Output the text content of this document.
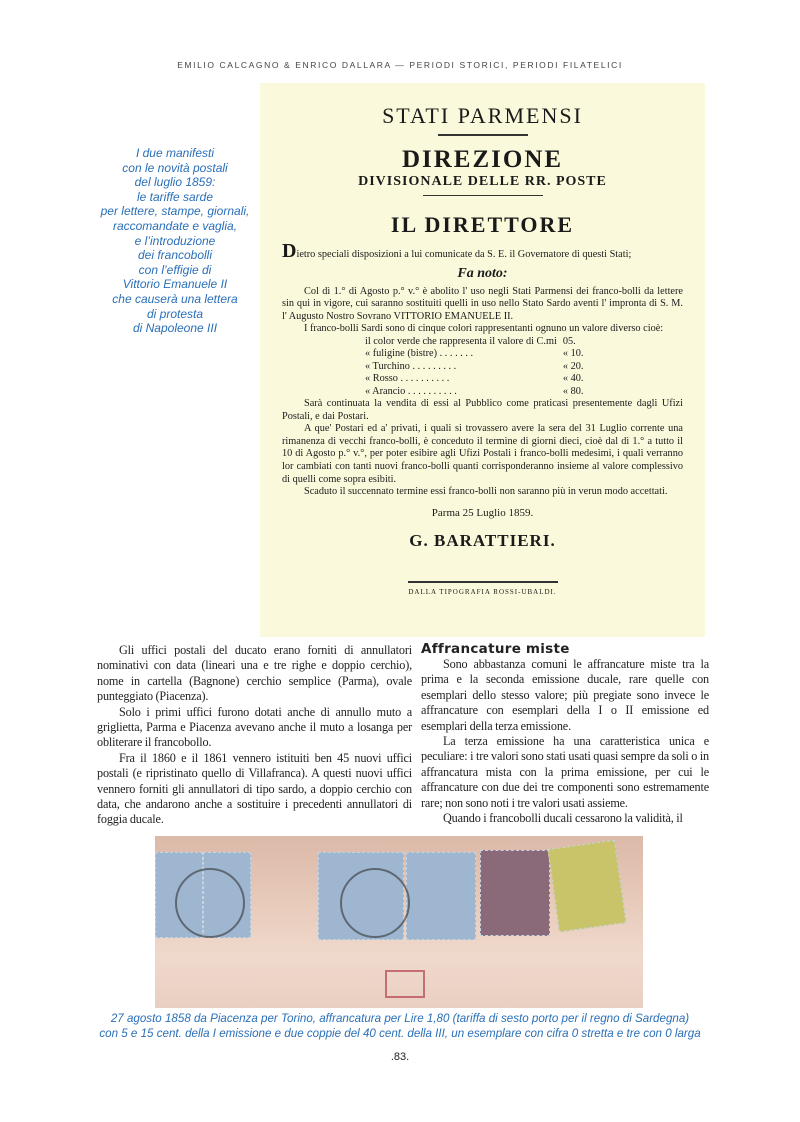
EMILIO CALCAGNO & ENRICO DALLARA — PERIODI STORICI, PERIODI FILATELICI
I due manifesti
con le novità postali
del luglio 1859:
le tariffe sarde
per lettere, stampe, giornali,
raccomandate e vaglia,
e l’introduzione
dei francobolli
con l’effigie di
Vittorio Emanuele II
che causerà una lettera
di protesta
di Napoleone III
STATI PARMENSI
DIREZIONE
DIVISIONALE DELLE RR. POSTE
IL DIRETTORE
Dietro speciali disposizioni a lui comunicate da S. E. il Governatore di questi Stati;
Fa noto:
Col dì 1.° di Agosto p.° v.° è abolito l' uso negli Stati Parmensi dei franco-bolli da lettere sin qui in vigore, cui saranno sostituiti quelli in uso nello Stato Sardo aventi l' impronta di S. M. l' Augusto Nostro Sovrano VITTORIO EMANUELE II.
I franco-bolli Sardi sono di cinque colori rappresentanti ognuno un valore diverso cioè:
il color verde che rappresenta il valore di C.mi	05.
« fuligine (bistre) . . . . . . .	« 10.
« Turchino . . . . . . . . .	« 20.
« Rosso . . . . . . . . . .	« 40.
« Arancio . . . . . . . . . .	« 80.
Sarà continuata la vendita di essi al Pubblico come praticasi presentemente dagli Ufizi Postali, e dai Postari.
A que' Postari ed a' privati, i quali si trovassero avere la sera del 31 Luglio corrente una rimanenza di vecchi franco-bolli, è conceduto il termine di giorni dieci, cioè dal dì 1.° a tutto il 10 di Agosto p.° v.°, per poter esibire agli Ufizi Postali i franco-bolli medesimi, i quali verranno lor cambiati con tanti nuovi franco-bolli quanti corrisponderanno insieme al valore complessivo di quelli come sopra esibiti.
Scaduto il succennato termine essi franco-bolli non saranno più in verun modo accettati.
Parma 25 Luglio 1859.
G. BARATTIERI.
DALLA TIPOGRAFIA ROSSI-UBALDI.

Gli uffici postali del ducato erano forniti di annullatori nominativi con data (lineari una e tre righe e doppio cerchio), nome in cartella (Bagnone) cerchio semplice (Parma), ovale punteggiato (Piacenza).

Solo i primi uffici furono dotati anche di annullo muto a griglietta, Parma e Piacenza avevano anche il muto a losanga per obliterare il francobollo.

Fra il 1860 e il 1861 vennero istituiti ben 45 nuovi uffici postali (e ripristinato quello di Villafranca). A questi nuovi uffici vennero forniti gli annullatori di tipo sardo, a doppio cerchio con data, che andarono anche a sostituire i precedenti annullatori di foggia ducale.

Affrancature miste

Sono abbastanza comuni le affrancature miste tra la prima e la seconda emissione ducale, rare quelle con esemplari dello stesso valore; più pregiate sono invece le affrancature con esemplari della I o II emissione ed esemplari della terza emissione.

La terza emissione ha una caratteristica unica e peculiare: i tre valori sono stati usati quasi sempre da soli o in affrancatura mista con la prima emissione, per cui le affrancature con due dei tre componenti sono estremamente rare; non sono noti i tre valori usati assieme.

Quando i francobolli ducali cessarono la validità, il

27 agosto 1858 da Piacenza per Torino, affrancatura per Lire 1,80 (tariffa di sesto porto per il regno di Sardegna)
con 5 e 15 cent. della I emissione e due coppie del 40 cent. della III, un esemplare con cifra 0 stretta e tre con 0 larga
.83.
